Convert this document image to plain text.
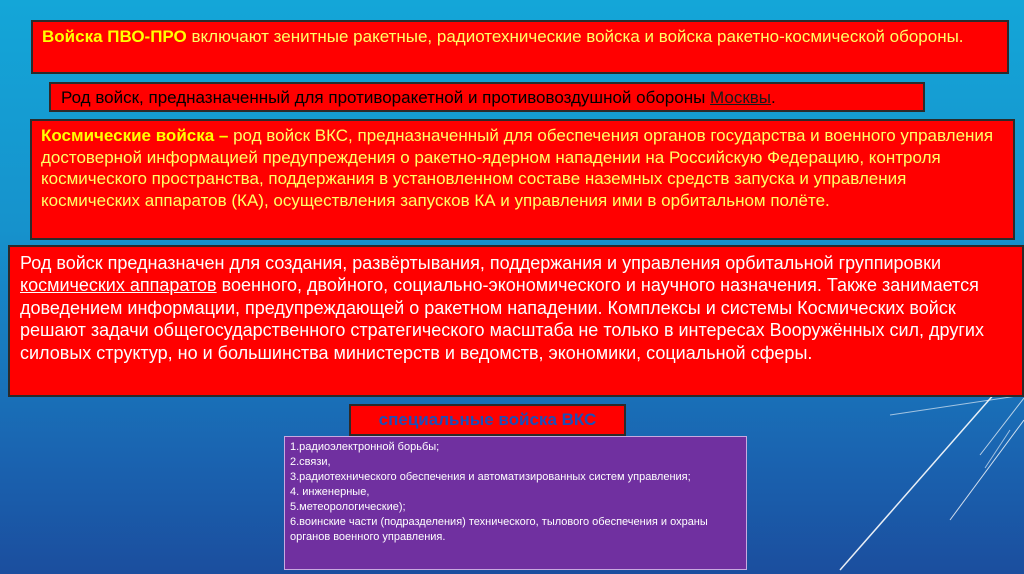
Войска ПВО-ПРО включают зенитные ракетные, радиотехнические войска и войска ракетно-космической обороны.
Род войск, предназначенный для противоракетной и противовоздушной обороны Москвы.
Космические войска – род войск ВКС, предназначенный для обеспечения органов государства и военного управления достоверной информацией предупреждения о ракетно-ядерном нападении на Российскую Федерацию, контроля космического пространства, поддержания в установленном составе наземных средств запуска и управления космических аппаратов (КА), осуществления запусков КА и управления ими в орбитальном полёте.
Род войск предназначен для создания, развёртывания, поддержания и управления орбитальной группировки космических аппаратов военного, двойного, социально-экономического и научного назначения. Также занимается доведением информации, предупреждающей о ракетном нападении. Комплексы и системы Космических войск решают задачи общегосударственного стратегического масштаба не только в интересах Вооружённых сил, других силовых структур, но и большинства министерств и ведомств, экономики, социальной сферы.
специальные войска ВКС
1.радиоэлектронной борьбы;
2.связи,
3.радиотехнического обеспечения и автоматизированных систем управления;
4. инженерные,
5.метеорологические);
6.воинские части (подразделения) технического, тылового обеспечения и охраны органов военного управления.
